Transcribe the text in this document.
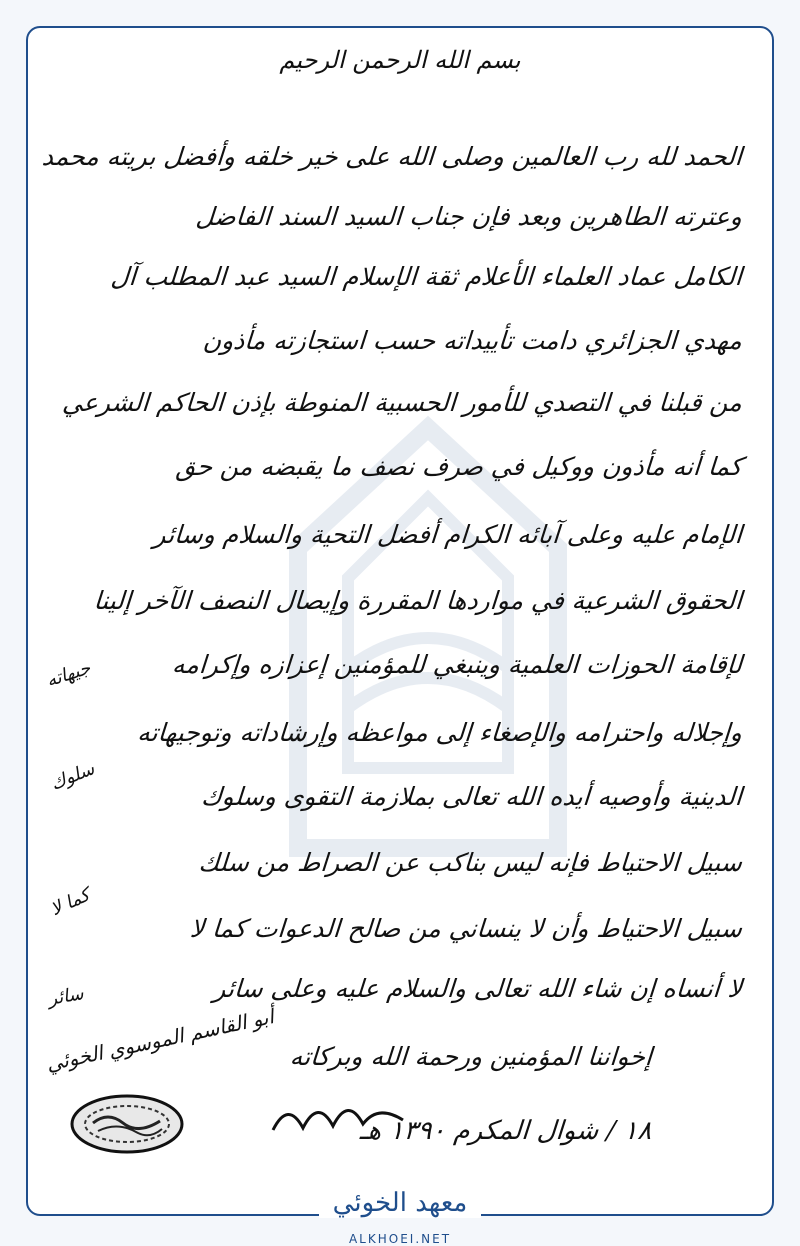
بسم الله الرحمن الرحيم
الحمد لله رب العالمين وصلى الله على خير خلقه وأفضل بريته محمد
وعترته الطاهرين وبعد فإن جناب السيد السند الفاضل
الكامل عماد العلماء الأعلام ثقة الإسلام السيد عبد المطلب آل
مهدي الجزائري دامت تأييداته حسب استجازته مأذون
من قبلنا في التصدي للأمور الحسبية المنوطة بإذن الحاكم الشرعي
كما أنه مأذون ووكيل في صرف نصف ما يقبضه من حق
الإمام عليه وعلى آبائه الكرام أفضل التحية والسلام وسائر
الحقوق الشرعية في مواردها المقررة وإيصال النصف الآخر إلينا
لإقامة الحوزات العلمية وينبغي للمؤمنين إعزازه وإكرامه
وإجلاله واحترامه والإصغاء إلى مواعظه وإرشاداته وتوجيهاته
الدينية وأوصيه أيده الله تعالى بملازمة التقوى وسلوك
سبيل الاحتياط فإنه ليس بناكب عن الصراط من سلك
سبيل الاحتياط وأن لا ينساني من صالح الدعوات كما لا
لا أنساه إن شاء الله تعالى والسلام عليه وعلى سائر
إخواننا المؤمنين ورحمة الله وبركاته
جيهاته
سلوك
كما لا
سائر
أبو القاسم الموسوي الخوئي
١٨ / شوال المكرم ١٣٩٠ هـ
معهد الخوئي
ALKHOEI.NET
